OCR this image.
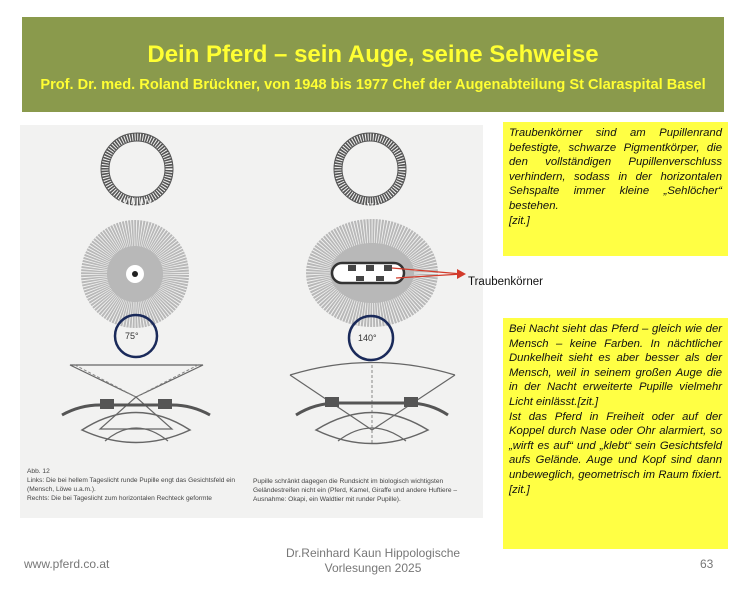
Dein Pferd – sein Auge, seine Sehweise
Prof. Dr. med. Roland Brückner, von 1948 bis 1977 Chef der Augenabteilung St Claraspital Basel
75°	140°
Abb. 12
Links: Die bei hellem Tageslicht runde Pupille engt das Gesichtsfeld ein (Mensch, Löwe u.a.m.).
Rechts: Die bei Tageslicht zum horizontalen Rechteck geformte
Pupille schränkt dagegen die Rundsicht im biologisch wichtigsten Geländestreifen nicht ein (Pferd, Kamel, Giraffe und andere Huftiere – Ausnahme: Okapi, ein Waldtier mit runder Pupille).
Traubenkörner
Traubenkörner sind am Pupillenrand befestigte, schwarze Pigmentkörper, die den vollständigen Pupillenverschluss verhindern, sodass in der horizontalen Sehspalte immer kleine „Sehlöcher“ bestehen.
[zit.]
Bei Nacht sieht das Pferd – gleich wie der Mensch – keine Farben. In nächtlicher Dunkelheit sieht es aber besser als der Mensch, weil in seinem großen Auge die in der Nacht erweiterte Pupille vielmehr Licht einlässt.[zit.]
Ist das Pferd in Freiheit oder auf der Koppel durch Nase oder Ohr alarmiert, so „wirft es auf“ und „klebt“ sein Gesichtsfeld aufs Gelände. Auge und Kopf sind dann unbeweglich, geometrisch im Raum fixiert.[zit.]
www.pferd.co.at
Dr.Reinhard Kaun Hippologische
Vorlesungen 2025	63
